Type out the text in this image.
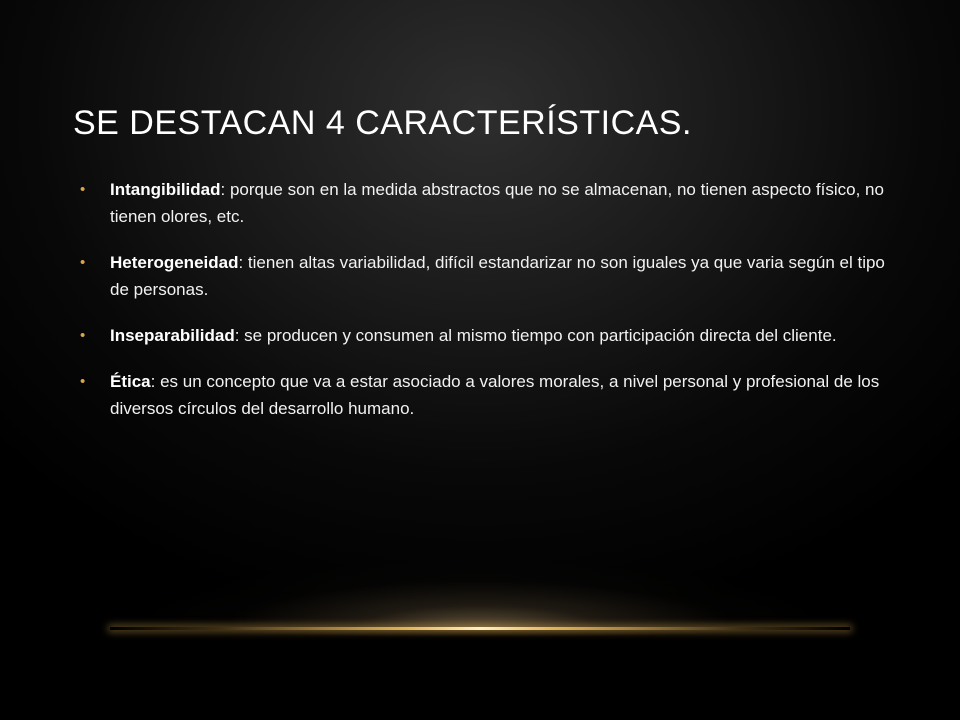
SE DESTACAN 4 CARACTERÍSTICAS.
• Intangibilidad: porque son en la medida abstractos que no se almacenan, no tienen aspecto físico, no tienen olores, etc.
• Heterogeneidad: tienen altas variabilidad, difícil estandarizar no son iguales ya que varia según el tipo de personas.
• Inseparabilidad: se producen y consumen al mismo tiempo con participación directa del cliente.
• Ética: es un concepto que va a estar asociado a valores morales, a nivel personal y profesional de los diversos círculos del desarrollo humano.
